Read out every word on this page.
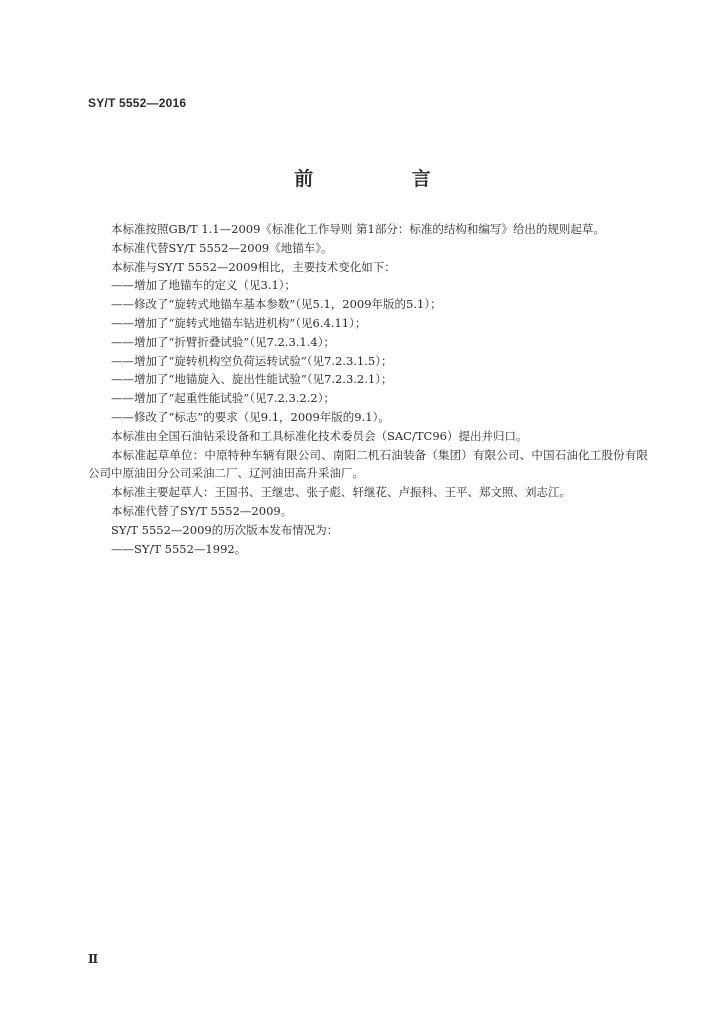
SY/T 5552—2016
前 言

本标准按照GB/T 1.1—2009《标准化工作导则 第1部分：标准的结构和编写》给出的规则起草。

本标准代替SY/T 5552—2009《地锚车》。

本标准与SY/T 5552—2009相比，主要技术变化如下：

——增加了地锚车的定义（见3.1）；

——修改了“旋转式地锚车基本参数”（见5.1，2009年版的5.1）；

——增加了“旋转式地锚车钻进机构”（见6.4.11）；

——增加了“折臂折叠试验”（见7.2.3.1.4）；

——增加了“旋转机构空负荷运转试验”（见7.2.3.1.5）；

——增加了“地锚旋入、旋出性能试验”（见7.2.3.2.1）；

——增加了“起重性能试验”（见7.2.3.2.2）；

——修改了“标志”的要求（见9.1，2009年版的9.1）。

本标准由全国石油钻采设备和工具标准化技术委员会（SAC/TC96）提出并归口。

本标准起草单位：中原特种车辆有限公司、南阳二机石油装备（集团）有限公司、中国石油化工股份有限公司中原油田分公司采油二厂、辽河油田高升采油厂。

本标准主要起草人：王国书、王继忠、张子彪、轩继花、卢振科、王平、郑文照、刘志江。

本标准代替了SY/T 5552—2009。

SY/T 5552—2009的历次版本发布情况为：

——SY/T 5552—1992。

Ⅱ
